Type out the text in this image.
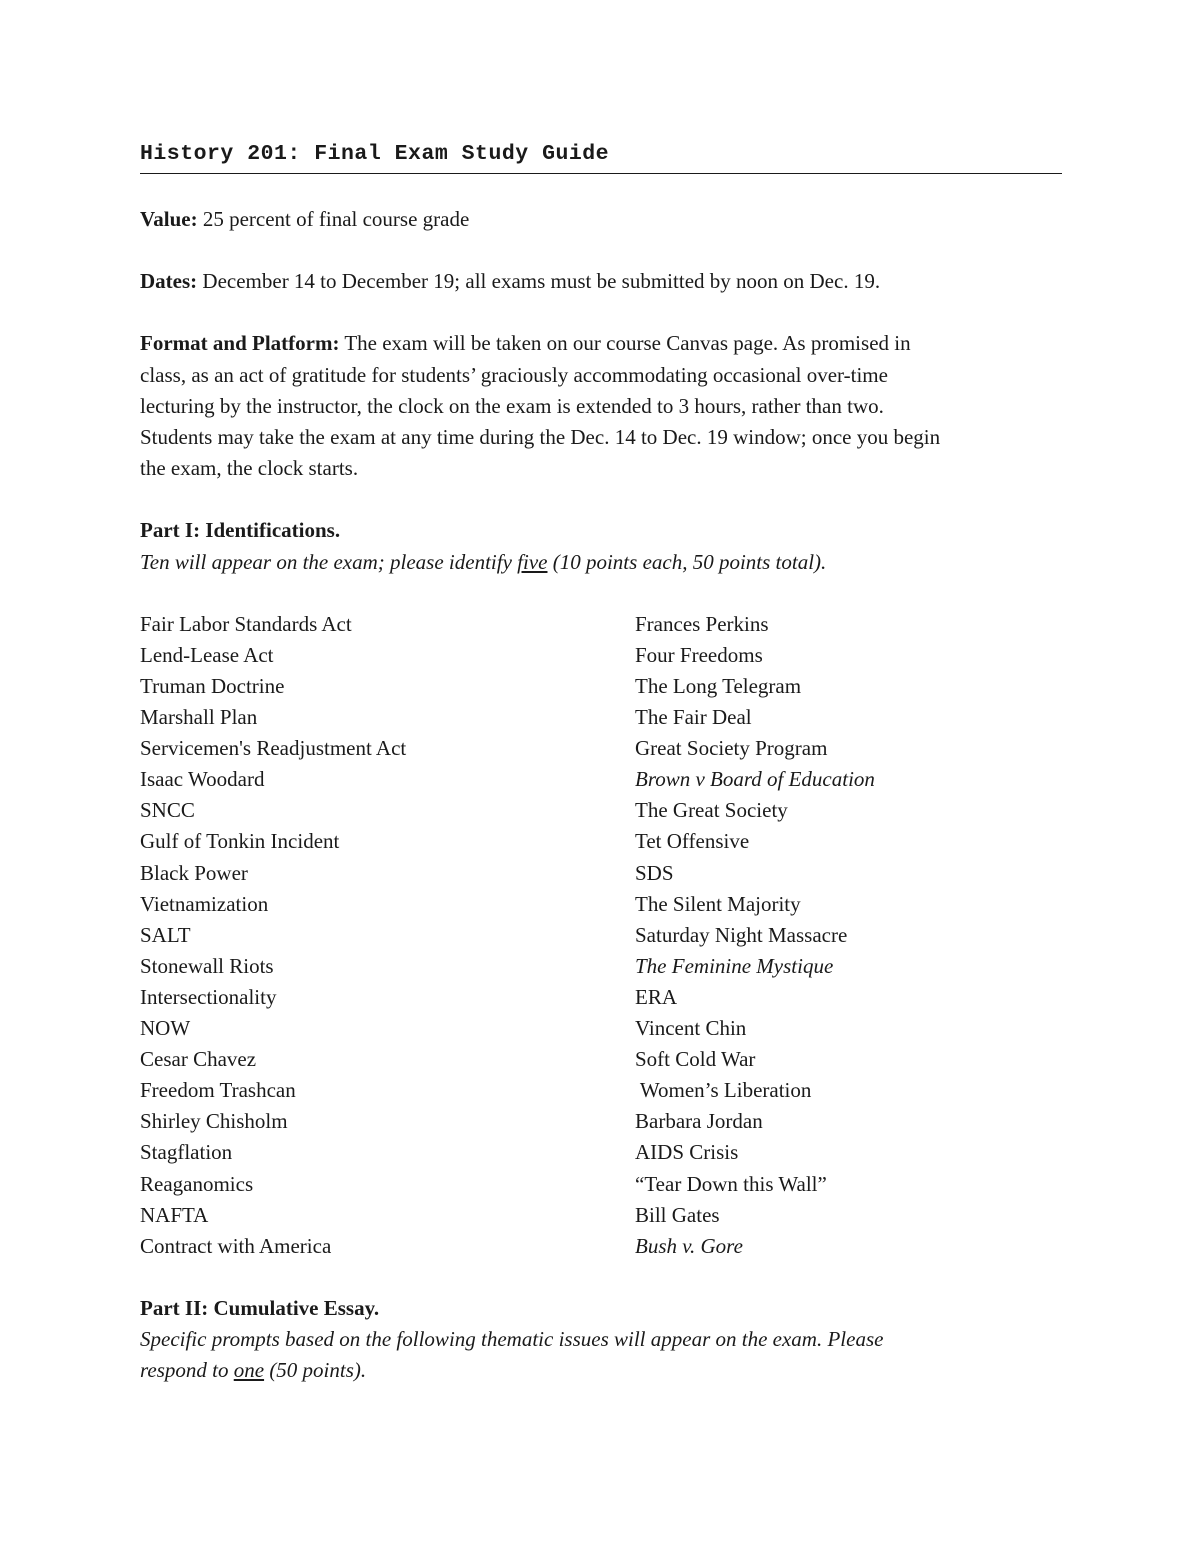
History 201: Final Exam Study Guide

Value: 25 percent of final course grade

Dates: December 14 to December 19; all exams must be submitted by noon on Dec. 19.

Format and Platform: The exam will be taken on our course Canvas page. As promised in
class, as an act of gratitude for students’ graciously accommodating occasional over-time
lecturing by the instructor, the clock on the exam is extended to 3 hours, rather than two.
Students may take the exam at any time during the Dec. 14 to Dec. 19 window; once you begin
the exam, the clock starts.
Part I: Identifications.
Ten will appear on the exam; please identify five (10 points each, 50 points total).
Fair Labor Standards Act
Lend-Lease Act
Truman Doctrine
Marshall Plan
Servicemen's Readjustment Act
Isaac Woodard
SNCC
Gulf of Tonkin Incident
Black Power
Vietnamization
SALT
Stonewall Riots
Intersectionality
NOW
Cesar Chavez
Freedom Trashcan
Shirley Chisholm
Stagflation
Reaganomics
NAFTA
Contract with America
Frances Perkins
Four Freedoms
The Long Telegram
The Fair Deal
Great Society Program
Brown v Board of Education
The Great Society
Tet Offensive
SDS
The Silent Majority
Saturday Night Massacre
The Feminine Mystique
ERA
Vincent Chin
Soft Cold War
Women’s Liberation
Barbara Jordan
AIDS Crisis
“Tear Down this Wall”
Bill Gates
Bush v. Gore
Part II: Cumulative Essay.
Specific prompts based on the following thematic issues will appear on the exam. Please
respond to one (50 points).
